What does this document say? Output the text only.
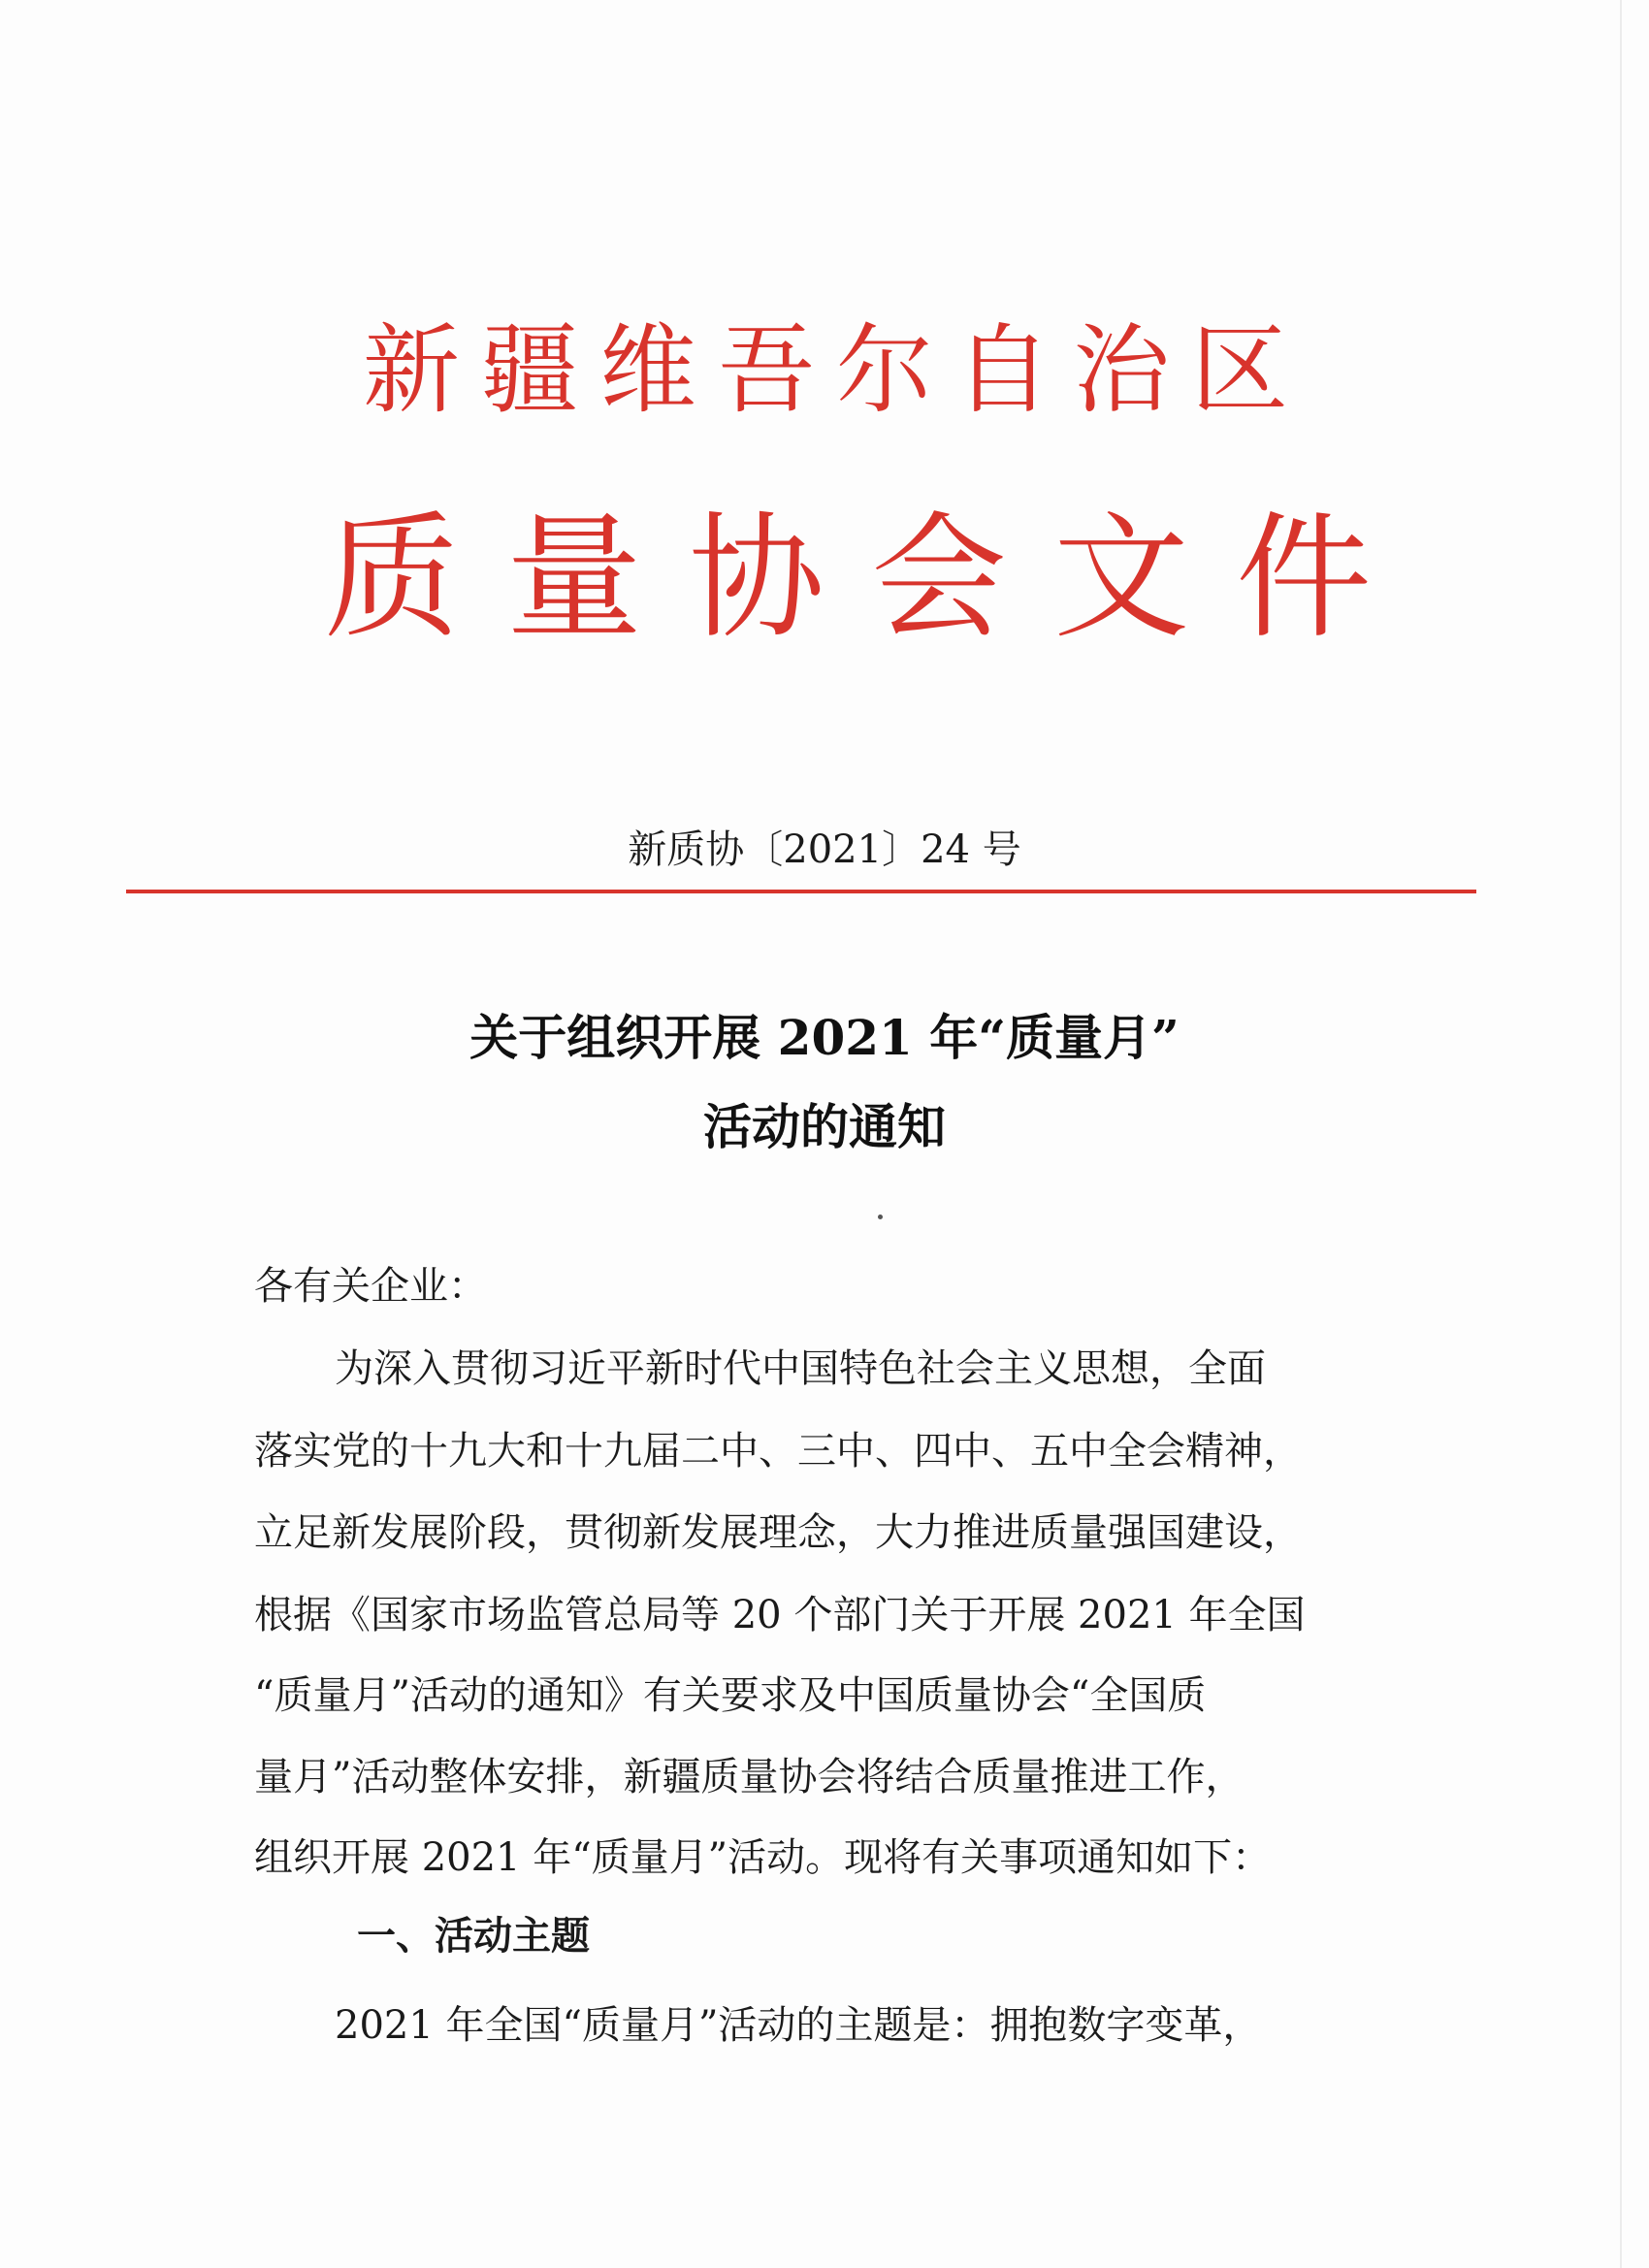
新疆维吾尔自治区
质量协会文件
新质协〔2021〕24 号
关于组织开展 2021 年“质量月”
活动的通知
各有关企业：
为深入贯彻习近平新时代中国特色社会主义思想，全面
落实党的十九大和十九届二中、三中、四中、五中全会精神，
立足新发展阶段，贯彻新发展理念，大力推进质量强国建设，
根据《国家市场监管总局等 20 个部门关于开展 2021 年全国
“质量月”活动的通知》有关要求及中国质量协会“全国质
量月”活动整体安排，新疆质量协会将结合质量推进工作，
组织开展 2021 年“质量月”活动。现将有关事项通知如下：
一、活动主题
2021 年全国“质量月”活动的主题是：拥抱数字变革，
